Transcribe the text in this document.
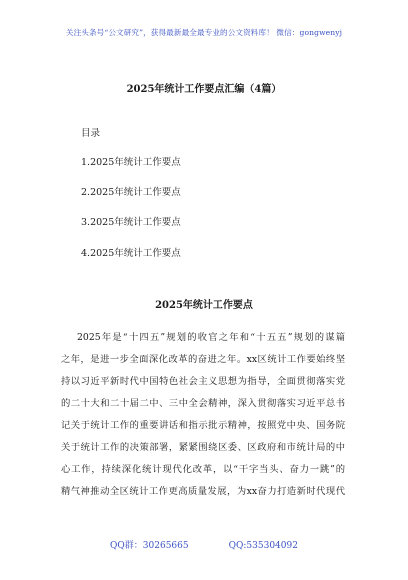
关注头条号“公文研究”，获得最新最全最专业的公文资料库！ 微信：gongwenyj
2025年统计工作要点汇编（4篇）
目录
1.2025年统计工作要点
2.2025年统计工作要点
3.2025年统计工作要点
4.2025年统计工作要点
2025年统计工作要点
2025年是“十四五”规划的收官之年和“十五五”规划的谋篇
之年，是进一步全面深化改革的奋进之年。xx区统计工作要始终坚
持以习近平新时代中国特色社会主义思想为指导，全面贯彻落实党
的二十大和二十届二中、三中全会精神，深入贯彻落实习近平总书
记关于统计工作的重要讲话和指示批示精神，按照党中央、国务院
关于统计工作的决策部署，紧紧围绕区委、区政府和市统计局的中
心工作，持续深化统计现代化改革，以“干字当头、奋力一跳”的
精气神推动全区统计工作更高质量发展，为xx奋力打造新时代现代
QQ群：30265665	QQ:535304092
